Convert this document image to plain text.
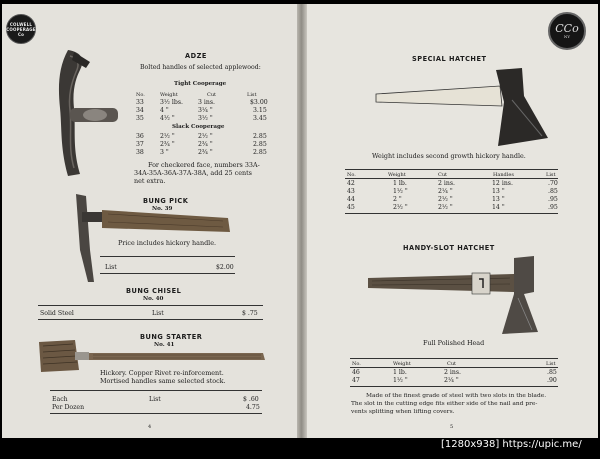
COLWELL
COOPERAGE
Co
ADZE
Bolted handles of selected applewood:
Tight Cooperage
No.	Weight	Cut	List
33	3½ lbs. 3 ins.	$3.00
34	4 "	3¼ "	3.15
35	4½ "	3½ "	3.45
Slack Cooperage
36	2½ "	2½ "	2.85
37	2¾ "	2¾ "	2.85
38	3 "	2¾ "	2.85
For checkered face, numbers 33A-
34A-35A-36A-37A-38A, add 25 cents
net extra.
BUNG PICK
No. 39
Price includes hickory handle.
List	$2.00
BUNG CHISEL
No. 40
Solid Steel	List	$ .75
BUNG STARTER
No. 41
Hickory. Copper Rivet re-inforcement.
Mortised handles same selected stock.
Each	List	$ .60
Per Dozen	4.75
4
CCo
NY
SPECIAL HATCHET
Weight includes second growth hickory handle.
No.	Weight	Cut	Handles	List
42	1 lb.	2 ins.	12 ins.	.70
43	1½ "	2¼ "	13 "	.85
44	2 "	2½ "	13 "	.95
45	2½ "	2½ "	14 "	.95
HANDY-SLOT HATCHET
Full Polished Head
No.	Weight	Cut	List
46	1 lb.	2 ins.	.85
47	1½ "	2¼ "	.90
Made of the finest grade of steel with two slots in the blade.
The slot in the cutting edge fits either side of the nail and pre-
vents splitting when lifting covers.
5
[1280x938] https://upic.me/
